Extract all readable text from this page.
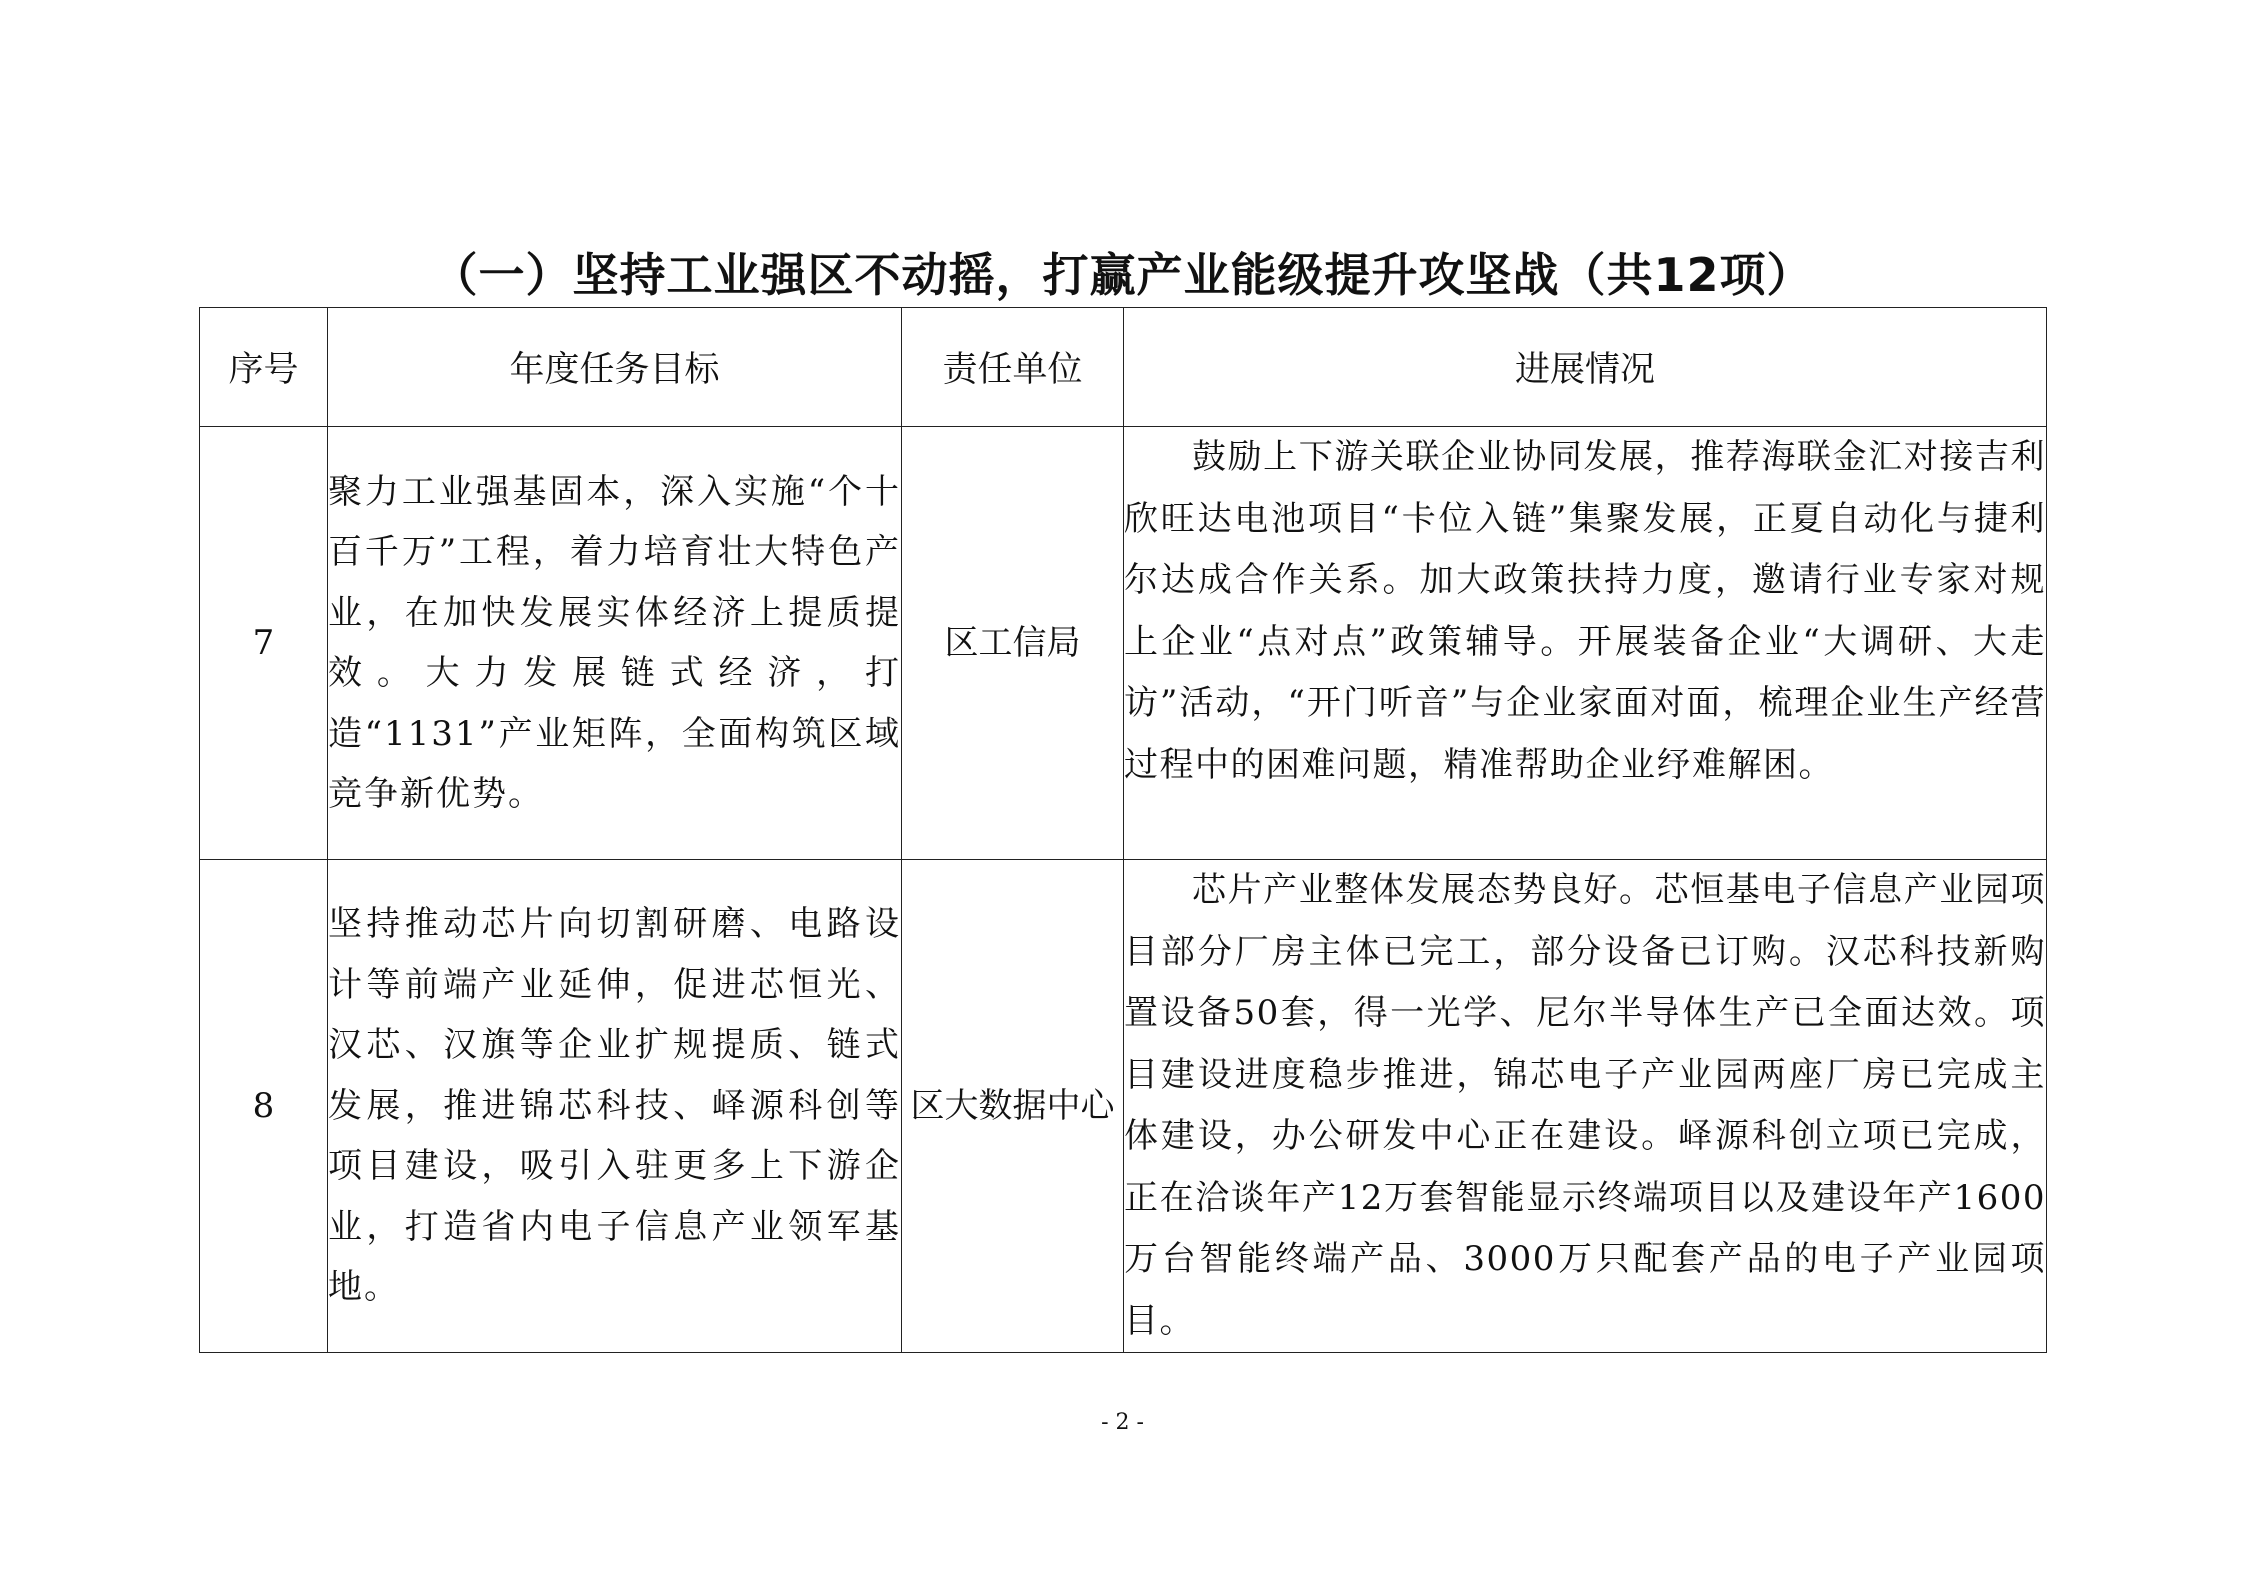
（一）坚持工业强区不动摇，打赢产业能级提升攻坚战（共12项）
序号	年度任务目标	责任单位	进展情况
7	聚力工业强基固本，深入实施“个十百千万”工程，着力培育壮大特色产业，在加快发展实体经济上提质提效。大力发展链式经济，打造“1131”产业矩阵，全面构筑区域竞争新优势。	区工信局	鼓励上下游关联企业协同发展，推荐海联金汇对接吉利欣旺达电池项目“卡位入链”集聚发展，正夏自动化与捷利尔达成合作关系。加大政策扶持力度，邀请行业专家对规上企业“点对点”政策辅导。开展装备企业“大调研、大走访”活动，“开门听音”与企业家面对面，梳理企业生产经营过程中的困难问题，精准帮助企业纾难解困。
8	坚持推动芯片向切割研磨、电路设计等前端产业延伸，促进芯恒光、汉芯、汉旗等企业扩规提质、链式发展，推进锦芯科技、峄源科创等项目建设，吸引入驻更多上下游企业，打造省内电子信息产业领军基地。	区大数据中心	芯片产业整体发展态势良好。芯恒基电子信息产业园项目部分厂房主体已完工，部分设备已订购。汉芯科技新购置设备50套，得一光学、尼尔半导体生产已全面达效。项目建设进度稳步推进，锦芯电子产业园两座厂房已完成主体建设，办公研发中心正在建设。峄源科创立项已完成，正在洽谈年产12万套智能显示终端项目以及建设年产1600万台智能终端产品、3000万只配套产品的电子产业园项目。
- 2 -
